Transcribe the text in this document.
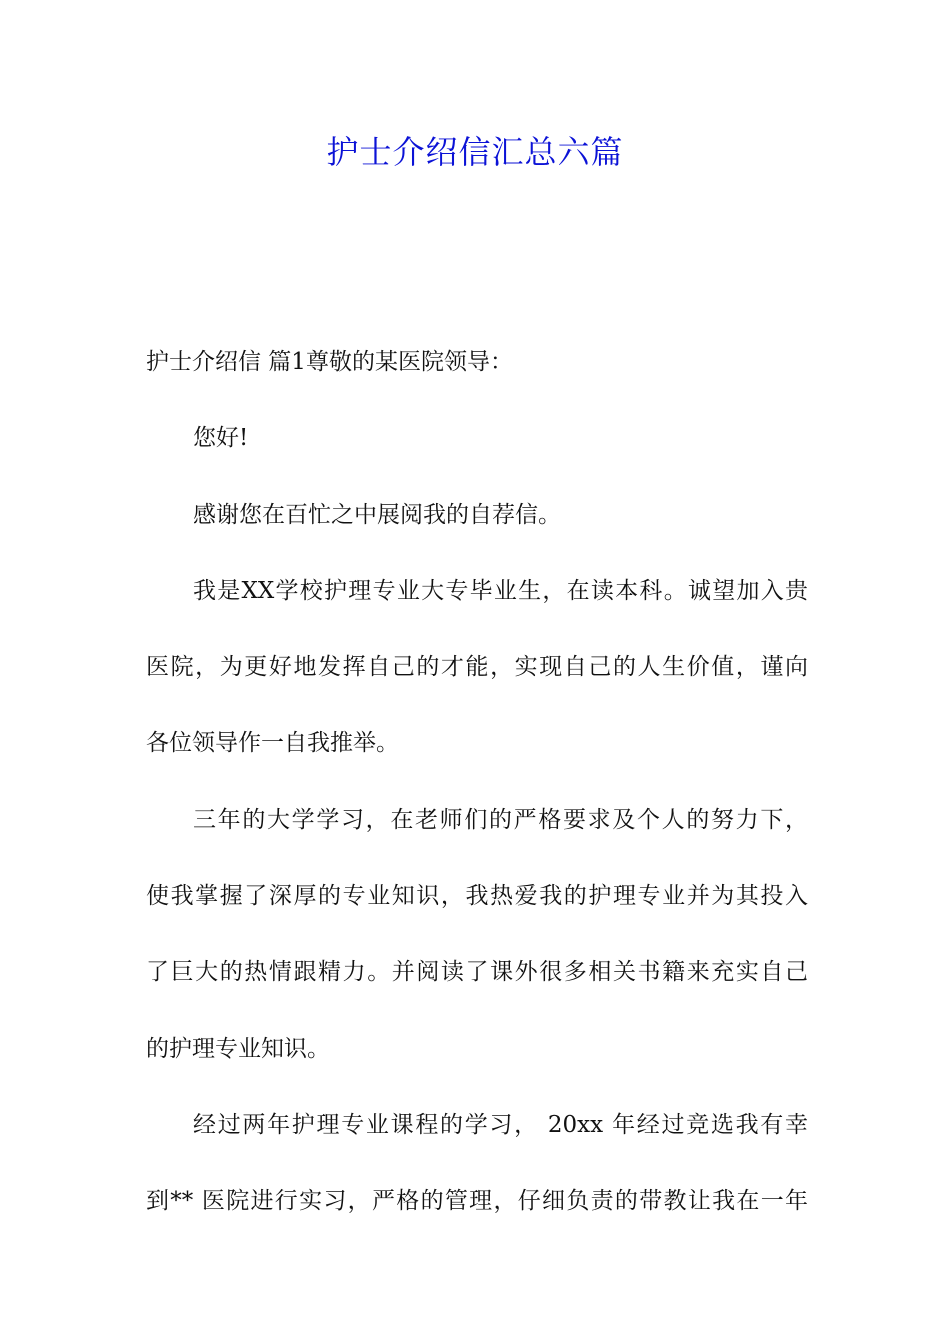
护士介绍信汇总六篇
护士介绍信 篇1尊敬的某医院领导：
您好!
感谢您在百忙之中展阅我的自荐信。
我是XX学校护理专业大专毕业生，在读本科。诚望加入贵
医院，为更好地发挥自己的才能，实现自己的人生价值，谨向
各位领导作一自我推举。
三年的大学学习，在老师们的严格要求及个人的努力下，
使我掌握了深厚的专业知识，我热爱我的护理专业并为其投入
了巨大的热情跟精力。并阅读了课外很多相关书籍来充实自己
的护理专业知识。
经过两年护理专业课程的学习， 20xx 年经过竞选我有幸
到** 医院进行实习，严格的管理，仔细负责的带教让我在一年
